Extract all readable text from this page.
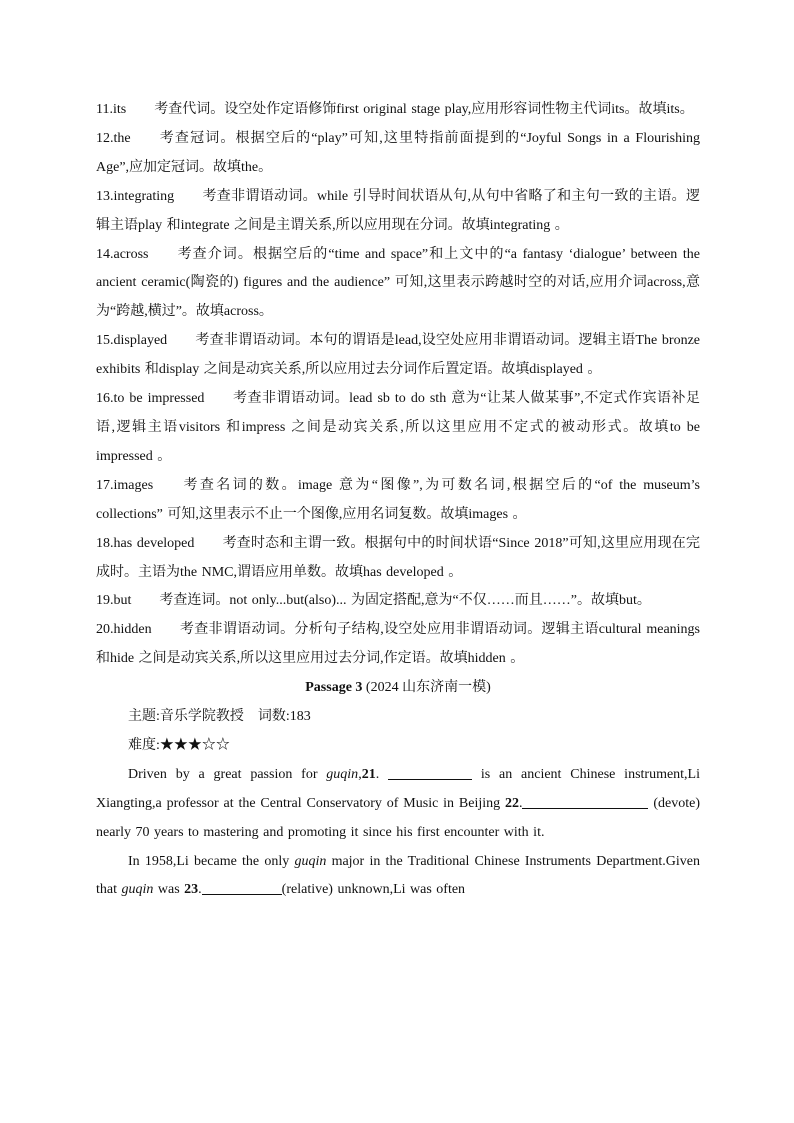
11.its 考查代词。设空处作定语修饰first original stage play,应用形容词性物主代词its。故填its。

12.the 考查冠词。根据空后的“play”可知,这里特指前面提到的“Joyful Songs in a Flourishing Age”,应加定冠词。故填the。

13.integrating 考查非谓语动词。while 引导时间状语从句,从句中省略了和主句一致的主语。逻辑主语play 和integrate 之间是主谓关系,所以应用现在分词。故填integrating 。

14.across 考查介词。根据空后的“time and space”和上文中的“a fantasy ‘dialogue’ between the ancient ceramic(陶瓷的) figures and the audience” 可知,这里表示跨越时空的对话,应用介词across,意为“跨越,横过”。故填across。

15.displayed 考查非谓语动词。本句的谓语是lead,设空处应用非谓语动词。逻辑主语The bronze exhibits 和display 之间是动宾关系,所以应用过去分词作后置定语。故填displayed 。

16.to be impressed 考查非谓语动词。lead sb to do sth 意为“让某人做某事”,不定式作宾语补足语,逻辑主语visitors 和impress 之间是动宾关系,所以这里应用不定式的被动形式。故填to be impressed 。

17.images 考查名词的数。image 意为“图像”,为可数名词,根据空后的“of the museum’s collections” 可知,这里表示不止一个图像,应用名词复数。故填images 。

18.has developed 考查时态和主谓一致。根据句中的时间状语“Since 2018”可知,这里应用现在完成时。主语为the NMC,谓语应用单数。故填has developed 。

19.but 考查连词。not only...but(also)... 为固定搭配,意为“不仅……而且……”。故填but。

20.hidden 考查非谓语动词。分析句子结构,设空处应用非谓语动词。逻辑主语cultural meanings 和hide 之间是动宾关系,所以这里应用过去分词,作定语。故填hidden 。

Passage 3 (2024 山东济南一模)

主题:音乐学院教授 词数:183

难度:★★★☆☆

Driven by a great passion for guqin,21.	is an ancient Chinese instrument,Li Xiangting,a professor at the Central Conservatory of Music in Beijing 22.	(devote) nearly 70 years to mastering and promoting it since his first encounter with it.

In 1958,Li became the only guqin major in the Traditional Chinese Instruments Department.Given that guqin was 23.	(relative) unknown,Li was often
